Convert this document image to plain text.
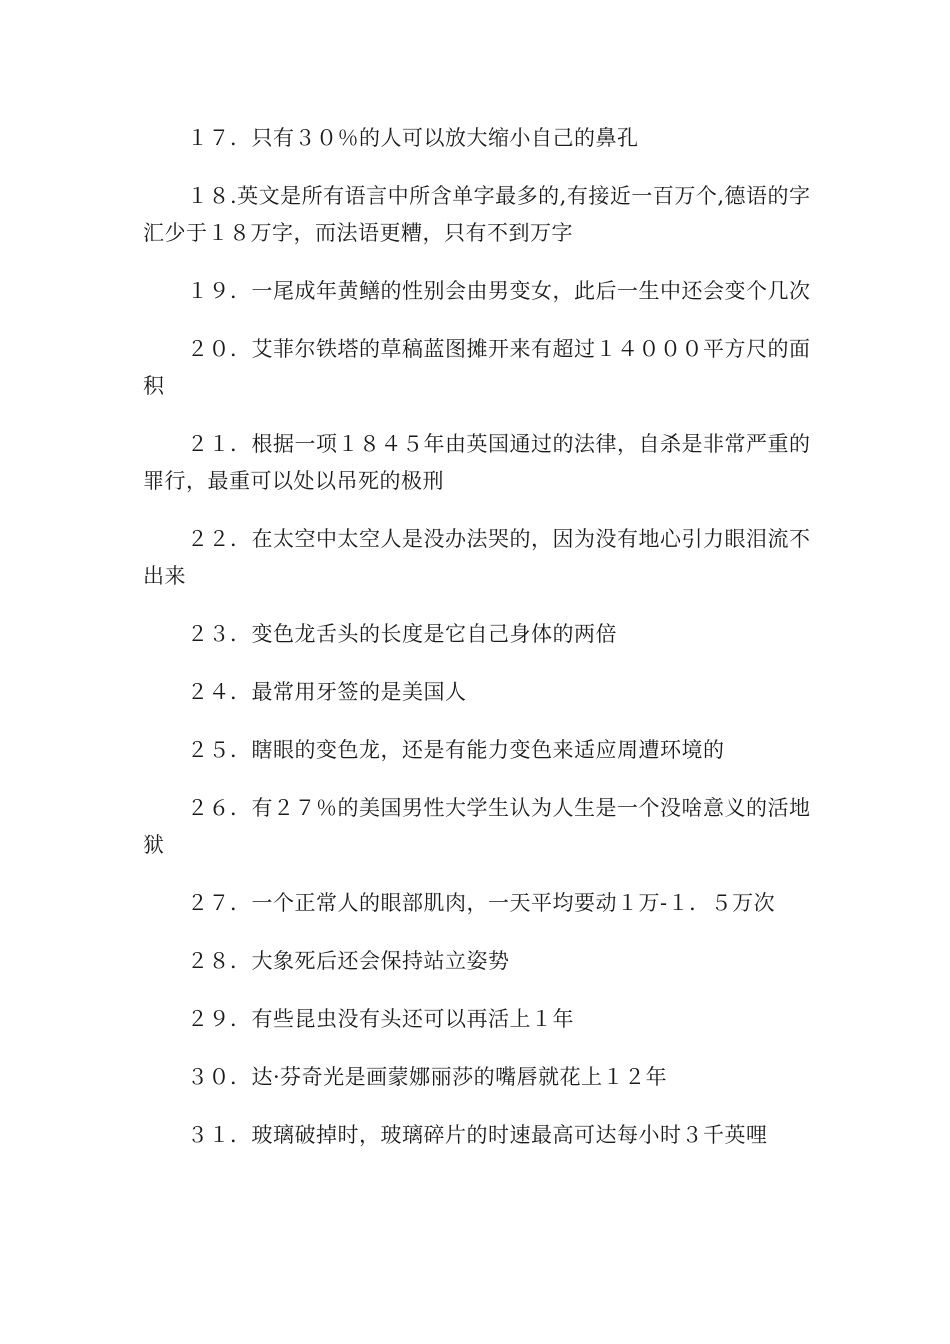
１７．只有３０％的人可以放大缩小自己的鼻孔

１８.英文是所有语言中所含单字最多的,有接近一百万个,德语的字汇少于１８万字，而法语更糟，只有不到万字

１９．一尾成年黄鳝的性别会由男变女，此后一生中还会变个几次

２０．艾菲尔铁塔的草稿蓝图摊开来有超过１４０００平方尺的面积

２１．根据一项１８４５年由英国通过的法律，自杀是非常严重的罪行，最重可以处以吊死的极刑

２２．在太空中太空人是没办法哭的，因为没有地心引力眼泪流不出来

２３．变色龙舌头的长度是它自己身体的两倍

２４．最常用牙签的是美国人

２５．瞎眼的变色龙，还是有能力变色来适应周遭环境的

２６．有２７％的美国男性大学生认为人生是一个没啥意义的活地狱

２７．一个正常人的眼部肌肉，一天平均要动１万-１．５万次

２８．大象死后还会保持站立姿势

２９．有些昆虫没有头还可以再活上１年

３０．达·芬奇光是画蒙娜丽莎的嘴唇就花上１２年

３１．玻璃破掉时，玻璃碎片的时速最高可达每小时３千英哩
